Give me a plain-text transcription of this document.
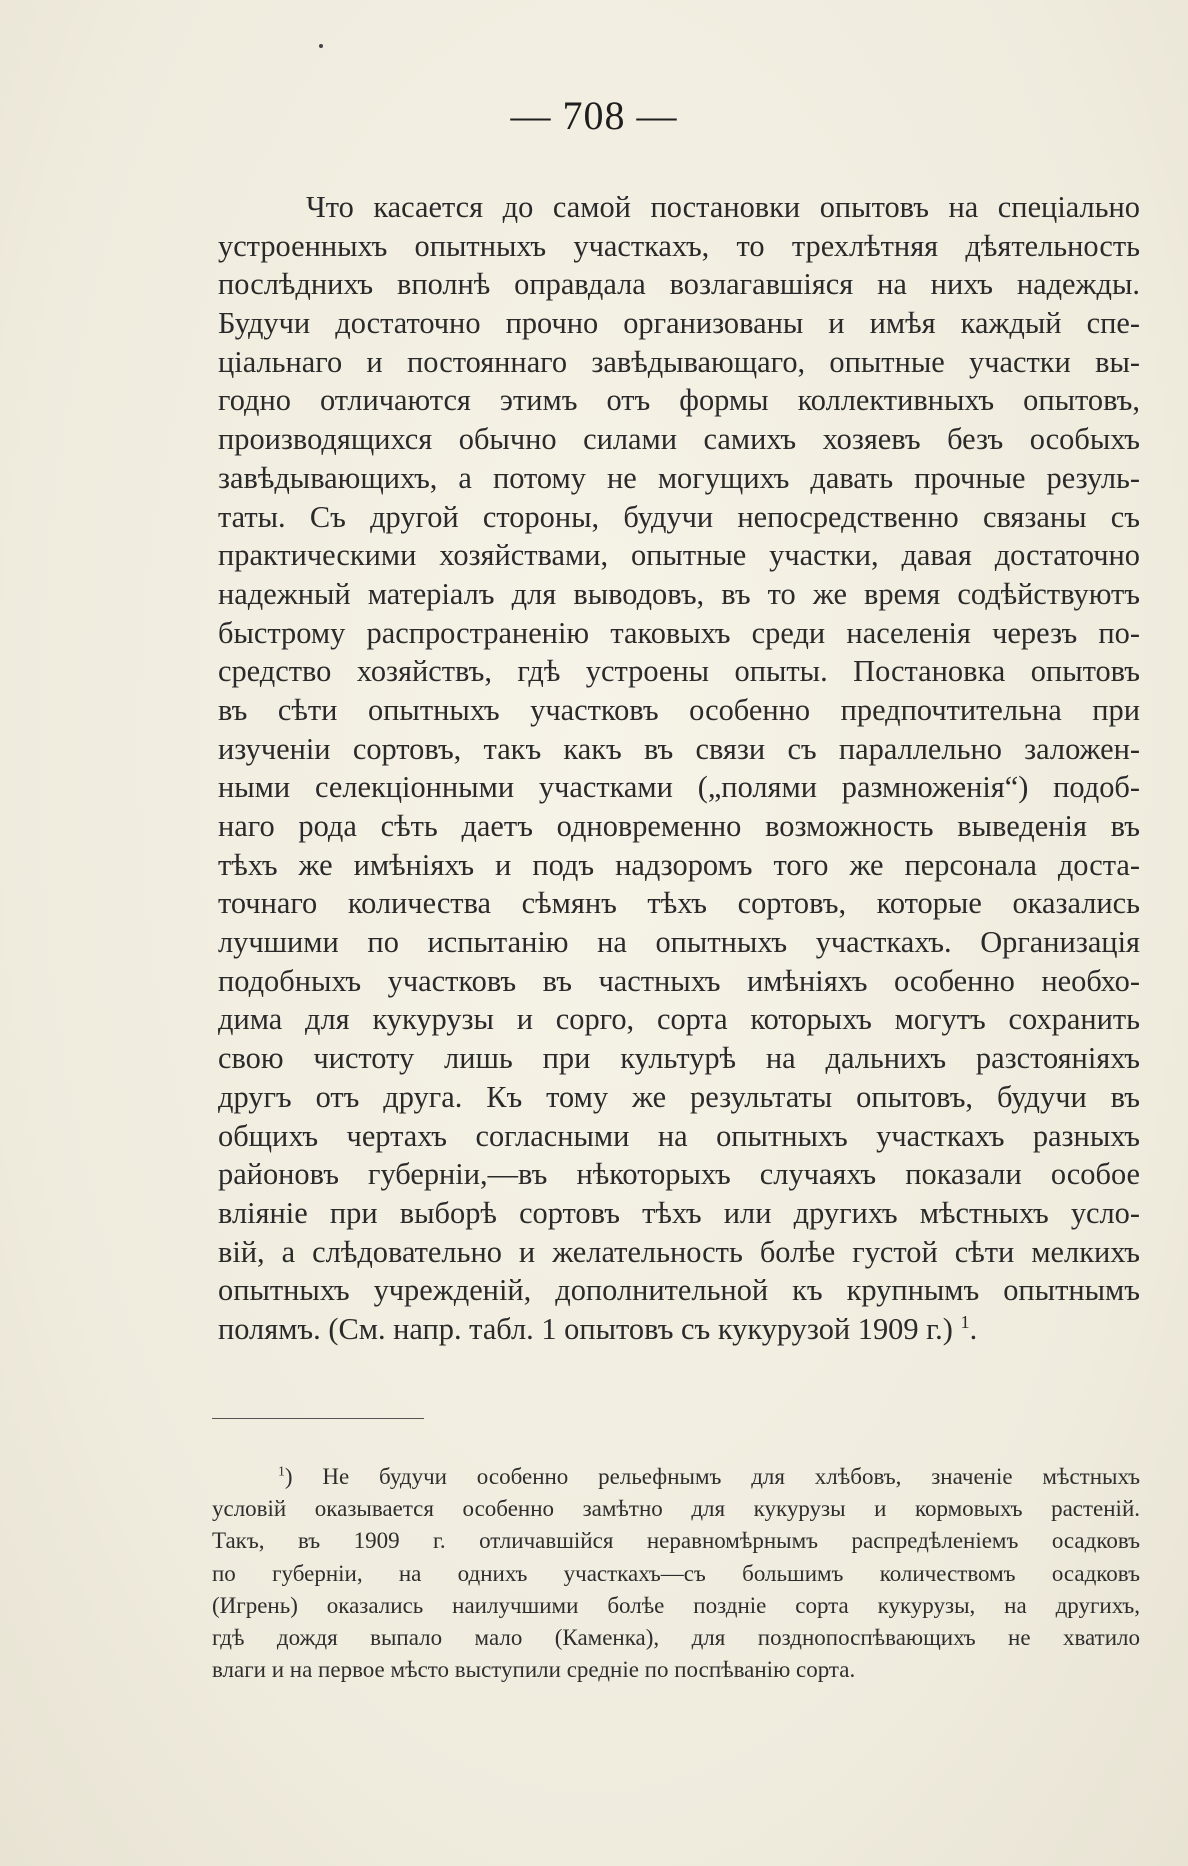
— 708 —
Что касается до самой постановки опытовъ на спеціально
устроенныхъ опытныхъ участкахъ, то трехлѣтняя дѣятельность
послѣднихъ вполнѣ оправдала возлагавшіяся на нихъ надежды.
Будучи достаточно прочно организованы и имѣя каждый спе-
ціальнаго и постояннаго завѣдывающаго, опытные участки вы-
годно отличаются этимъ отъ формы коллективныхъ опытовъ,
производящихся обычно силами самихъ хозяевъ безъ особыхъ
завѣдывающихъ, а потому не могущихъ давать прочные резуль-
таты. Съ другой стороны, будучи непосредственно связаны съ
практическими хозяйствами, опытные участки, давая достаточно
надежный матеріалъ для выводовъ, въ то же время содѣйствуютъ
быстрому распространенію таковыхъ среди населенія черезъ по-
средство хозяйствъ, гдѣ устроены опыты. Постановка опытовъ
въ сѣти опытныхъ участковъ особенно предпочтительна при
изученіи сортовъ, такъ какъ въ связи съ параллельно заложен-
ными селекціонными участками („полями размноженія“) подоб-
наго рода сѣть даетъ одновременно возможность выведенія въ
тѣхъ же имѣніяхъ и подъ надзоромъ того же персонала доста-
точнаго количества сѣмянъ тѣхъ сортовъ, которые оказались
лучшими по испытанію на опытныхъ участкахъ. Организація
подобныхъ участковъ въ частныхъ имѣніяхъ особенно необхо-
дима для кукурузы и сорго, сорта которыхъ могутъ сохранить
свою чистоту лишь при культурѣ на дальнихъ разстояніяхъ
другъ отъ друга. Къ тому же результаты опытовъ, будучи въ
общихъ чертахъ согласными на опытныхъ участкахъ разныхъ
районовъ губерніи,—въ нѣкоторыхъ случаяхъ показали особое
вліяніе при выборѣ сортовъ тѣхъ или другихъ мѣстныхъ усло-
вій, а слѣдовательно и желательность болѣе густой сѣти мелкихъ
опытныхъ учрежденій, дополнительной къ крупнымъ опытнымъ
полямъ. (См. напр. табл. 1 опытовъ съ кукурузой 1909 г.) $^1$.
$^1$) Не будучи особенно рельефнымъ для хлѣбовъ, значеніе мѣстныхъ
условій оказывается особенно замѣтно для кукурузы и кормовыхъ растеній.
Такъ, въ 1909 г. отличавшійся неравномѣрнымъ распредѣленіемъ осадковъ
по губерніи, на однихъ участкахъ—съ большимъ количествомъ осадковъ
(Игрень) оказались наилучшими болѣе поздніе сорта кукурузы, на другихъ,
гдѣ дождя выпало мало (Каменка), для позднопоспѣвающихъ не хватило
влаги и на первое мѣсто выступили средніе по поспѣванію сорта.
